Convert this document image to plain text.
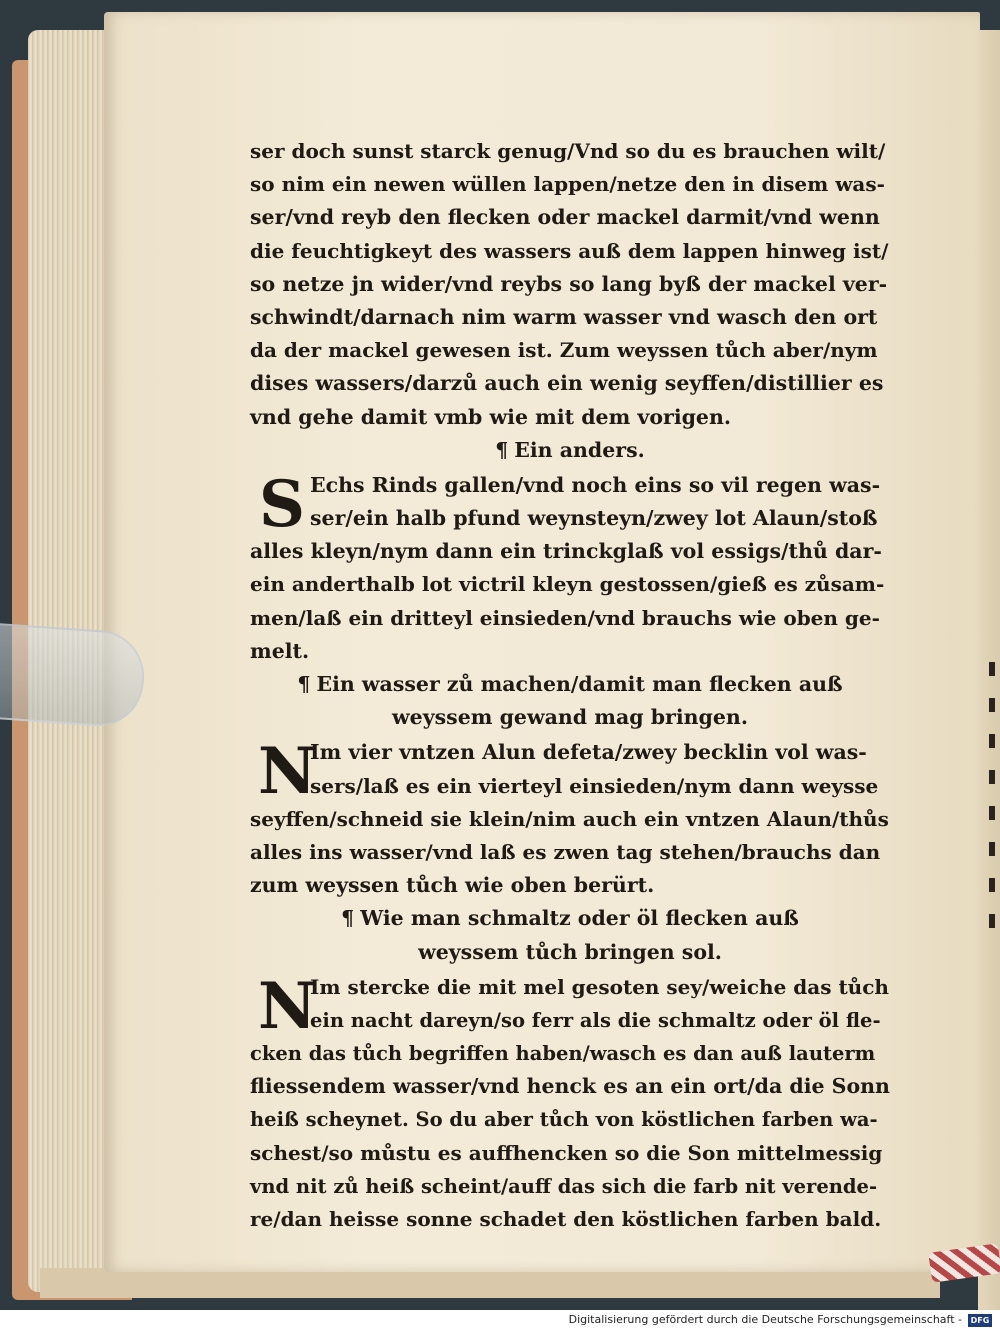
ser doch sunst starck genug/Vnd so du es brauchen wilt/
so nim ein newen wüllen lappen/netze den in disem was-
ser/vnd reyb den flecken oder mackel darmit/vnd wenn
die feuchtigkeyt des wassers auß dem lappen hinweg ist/
so netze jn wider/vnd reybs so lang byß der mackel ver-
schwindt/darnach nim warm wasser vnd wasch den ort
da der mackel gewesen ist. Zum weyssen tůch aber/nym
dises wassers/darzů auch ein wenig seyffen/distillier es
vnd gehe damit vmb wie mit dem vorigen.
¶ Ein anders.
S Echs Rinds gallen/vnd noch eins so vil regen was-
ser/ein halb pfund weynsteyn/zwey lot Alaun/stoß
alles kleyn/nym dann ein trinckglaß vol essigs/thů dar-
ein anderthalb lot victril kleyn gestossen/gieß es zůsam-
men/laß ein dritteyl einsieden/vnd brauchs wie oben ge-
melt.
¶ Ein wasser zů machen/damit man flecken auß
weyssem gewand mag bringen.
N
Im vier vntzen Alun defeta/zwey becklin vol was-
sers/laß es ein vierteyl einsieden/nym dann weysse
seyffen/schneid sie klein/nim auch ein vntzen Alaun/thůs
alles ins wasser/vnd laß es zwen tag stehen/brauchs dan
zum weyssen tůch wie oben berürt.
¶ Wie man schmaltz oder öl flecken auß
weyssem tůch bringen sol.
N
Im stercke die mit mel gesoten sey/weiche das tůch
ein nacht dareyn/so ferr als die schmaltz oder öl fle-
cken das tůch begriffen haben/wasch es dan auß lauterm
fliessendem wasser/vnd henck es an ein ort/da die Sonn
heiß scheynet. So du aber tůch von köstlichen farben wa-
schest/so můstu es auffhencken so die Son mittelmessig
vnd nit zů heiß scheint/auff das sich die farb nit verende-
re/dan heisse sonne schadet den köstlichen farben bald.
Digitalisierung gefördert durch die Deutsche Forschungsgemeinschaft - DFG
